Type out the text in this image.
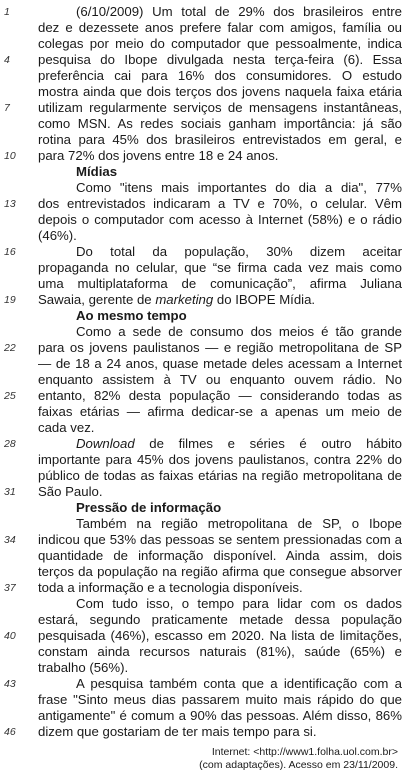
1	(6/10/2009) Um total de 29% dos brasileiros entre
dez e dezessete anos prefere falar com amigos, família ou
colegas por meio do computador que pessoalmente, indica
4	pesquisa do Ibope divulgada nesta terça-feira (6). Essa
preferência cai para 16% dos consumidores. O estudo
mostra ainda que dois terços dos jovens naquela faixa etária
7	utilizam regularmente serviços de mensagens instantâneas,
como MSN. As redes sociais ganham importância: já são
rotina para 45% dos brasileiros entrevistados em geral, e
10	para 72% dos jovens entre 18 e 24 anos.
Mídias
Como "itens mais importantes do dia a dia", 77%
13	dos entrevistados indicaram a TV e 70%, o celular. Vêm
depois o computador com acesso à Internet (58%) e o rádio
(46%).
16	Do total da população, 30% dizem aceitar
propaganda no celular, que “se firma cada vez mais como
uma multiplataforma de comunicação”, afirma Juliana
19	Sawaia, gerente de marketing do IBOPE Mídia.
Ao mesmo tempo
Como a sede de consumo dos meios é tão grande
22	para os jovens paulistanos — e região metropolitana de SP
— de 18 a 24 anos, quase metade deles acessam a Internet
enquanto assistem à TV ou enquanto ouvem rádio. No
25	entanto, 82% desta população — considerando todas as
faixas etárias — afirma dedicar-se a apenas um meio de
cada vez.
28	Download de filmes e séries é outro hábito
importante para 45% dos jovens paulistanos, contra 22% do
público de todas as faixas etárias na região metropolitana de
31	São Paulo.
Pressão de informação
Também na região metropolitana de SP, o Ibope
34	indicou que 53% das pessoas se sentem pressionadas com a
quantidade de informação disponível. Ainda assim, dois
terços da população na região afirma que consegue absorver
37	toda a informação e a tecnologia disponíveis.
Com tudo isso, o tempo para lidar com os dados
estará, segundo praticamente metade dessa população
40	pesquisada (46%), escasso em 2020. Na lista de limitações,
constam ainda recursos naturais (81%), saúde (65%) e
trabalho (56%).
43	A pesquisa também conta que a identificação com a
frase "Sinto meus dias passarem muito mais rápido do que
antigamente" é comum a 90% das pessoas. Além disso, 86%
46	dizem que gostariam de ter mais tempo para si.
Internet: <http://www1.folha.uol.com.br>
(com adaptações). Acesso em 23/11/2009.
